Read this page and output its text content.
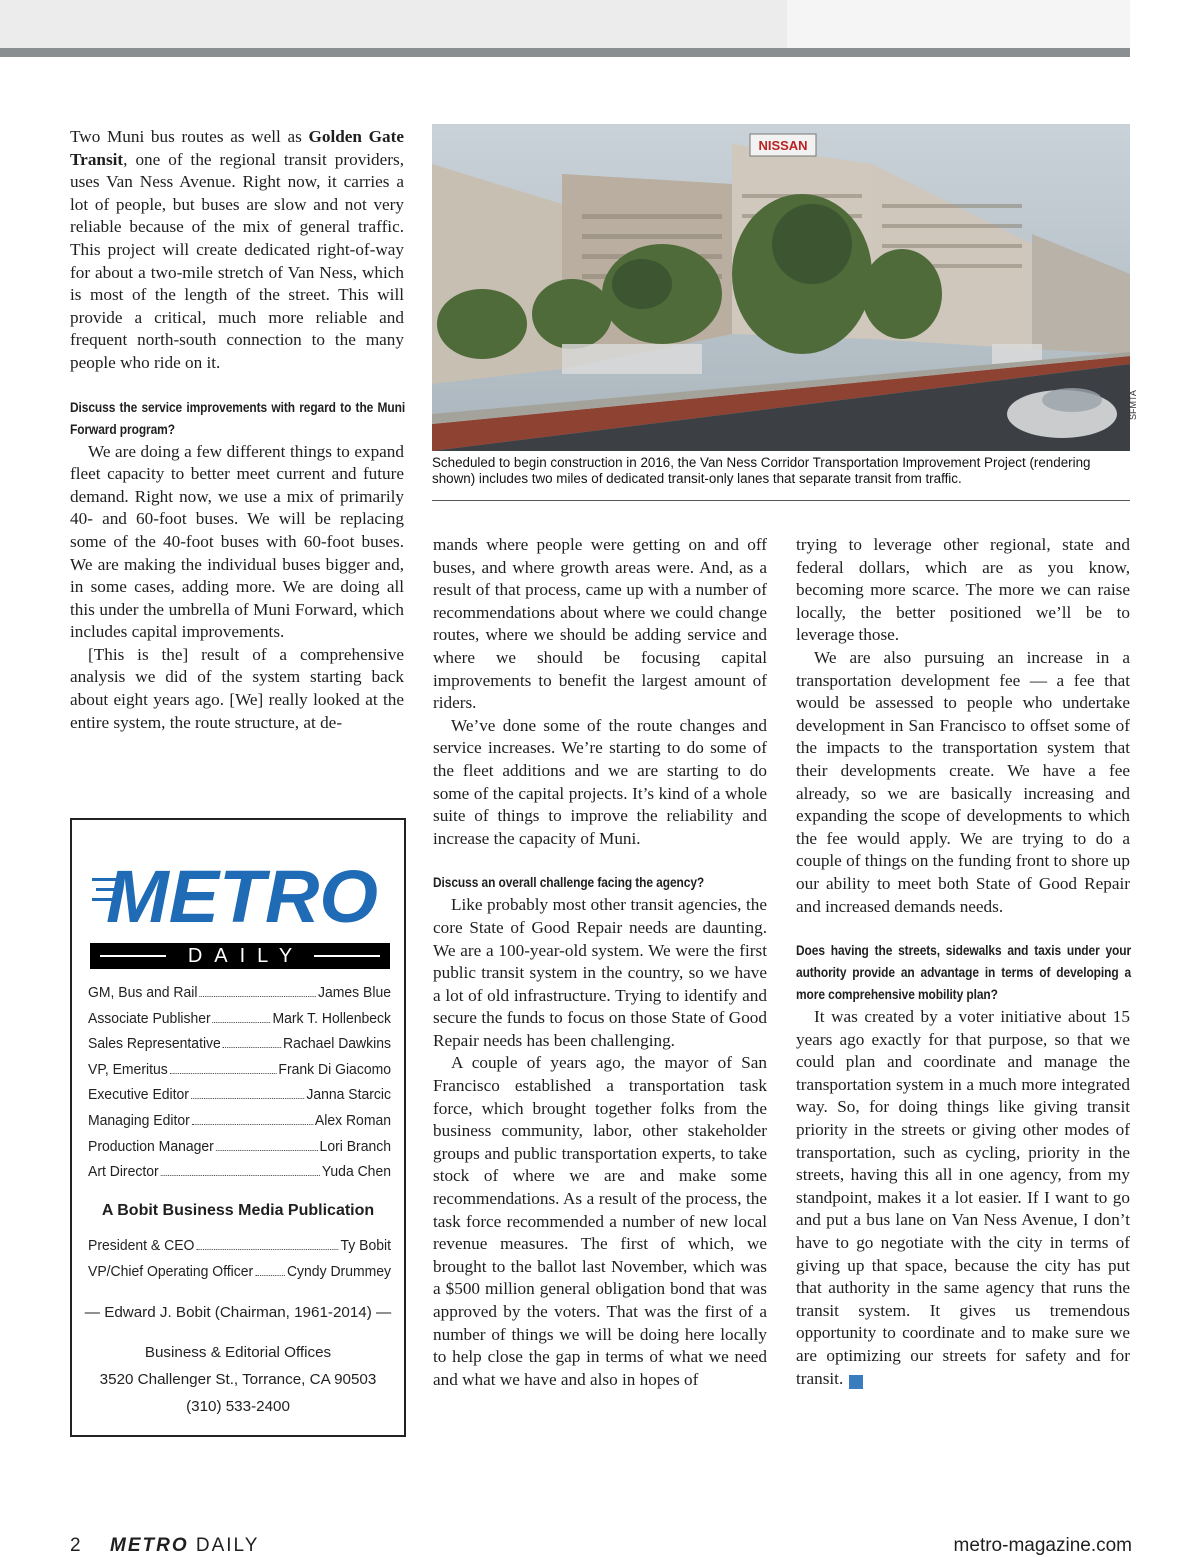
Two Muni bus routes as well as Golden Gate Transit, one of the regional transit providers, uses Van Ness Avenue. Right now, it carries a lot of people, but buses are slow and not very reliable because of the mix of general traffic. This project will create dedicated right-of-way for about a two-mile stretch of Van Ness, which is most of the length of the street. This will provide a critical, much more reliable and frequent north-south connection to the many people who ride on it.

Discuss the service improvements with regard to the Muni Forward program?

We are doing a few different things to expand fleet capacity to better meet current and future demand. Right now, we use a mix of primarily 40- and 60-foot buses. We will be replacing some of the 40-foot buses with 60-foot buses. We are making the individual buses bigger and, in some cases, adding more. We are doing all this under the umbrella of Muni Forward, which includes capital improvements.

[This is the] result of a comprehensive analysis we did of the system starting back about eight years ago. [We] really looked at the entire system, the route structure, at de-

NISSAN
SFMTA
Scheduled to begin construction in 2016, the Van Ness Corridor Transportation Improvement Project (rendering shown) includes two miles of dedicated transit-only lanes that separate transit from traffic.

mands where people were getting on and off buses, and where growth areas were. And, as a result of that process, came up with a number of recommendations about where we could change routes, where we should be adding service and where we should be focusing capital improvements to benefit the largest amount of riders.

We’ve done some of the route changes and service increases. We’re starting to do some of the fleet additions and we are starting to do some of the capital projects. It’s kind of a whole suite of things to improve the reliability and increase the capacity of Muni.

Discuss an overall challenge facing the agency?

Like probably most other transit agencies, the core State of Good Repair needs are daunting. We are a 100-year-old system. We were the first public transit system in the country, so we have a lot of old infrastructure. Trying to identify and secure the funds to focus on those State of Good Repair needs has been challenging.

A couple of years ago, the mayor of San Francisco established a transportation task force, which brought together folks from the business community, labor, other stakeholder groups and public transportation experts, to take stock of where we are and make some recommendations. As a result of the process, the task force recommended a number of new local revenue measures. The first of which, we brought to the ballot last November, which was a $500 million general obligation bond that was approved by the voters. That was the first of a number of things we will be doing here locally to help close the gap in terms of what we need and what we have and also in hopes of

trying to leverage other regional, state and federal dollars, which are as you know, becoming more scarce. The more we can raise locally, the better positioned we’ll be to leverage those.

We are also pursuing an increase in a transportation development fee — a fee that would be assessed to people who undertake development in San Francisco to offset some of the impacts to the transportation system that their developments create. We have a fee already, so we are basically increasing and expanding the scope of developments to which the fee would apply. We are trying to do a couple of things on the funding front to shore up our ability to meet both State of Good Repair and increased demands needs.

Does having the streets, sidewalks and taxis under your authority provide an advantage in terms of developing a more comprehensive mobility plan?

It was created by a voter initiative about 15 years ago exactly for that purpose, so that we could plan and coordinate and manage the transportation system in a much more integrated way. So, for doing things like giving transit priority in the streets or giving other modes of transportation, such as cycling, priority in the streets, having this all in one agency, from my standpoint, makes it a lot easier. If I want to go and put a bus lane on Van Ness Avenue, I don’t have to go negotiate with the city in terms of giving up that space, because the city has put that authority in the same agency that runs the transit system. It gives us tremendous opportunity to coordinate and to make sure we are optimizing our streets for safety and for transit. M

METRO
DAILY
GM, Bus and Rail	James Blue
Associate Publisher	Mark T. Hollenbeck
Sales Representative	Rachael Dawkins
VP, Emeritus	Frank Di Giacomo
Executive Editor	Janna Starcic
Managing Editor	Alex Roman
Production Manager	Lori Branch
Art Director	Yuda Chen
A Bobit Business Media Publication
President & CEO	Ty Bobit
VP/Chief Operating Officer Cyndy Drummey
— Edward J. Bobit (Chairman, 1961-2014) —
Business & Editorial Offices
3520 Challenger St., Torrance, CA 90503
(310) 533-2400
2 METRO DAILY	metro-magazine.com
